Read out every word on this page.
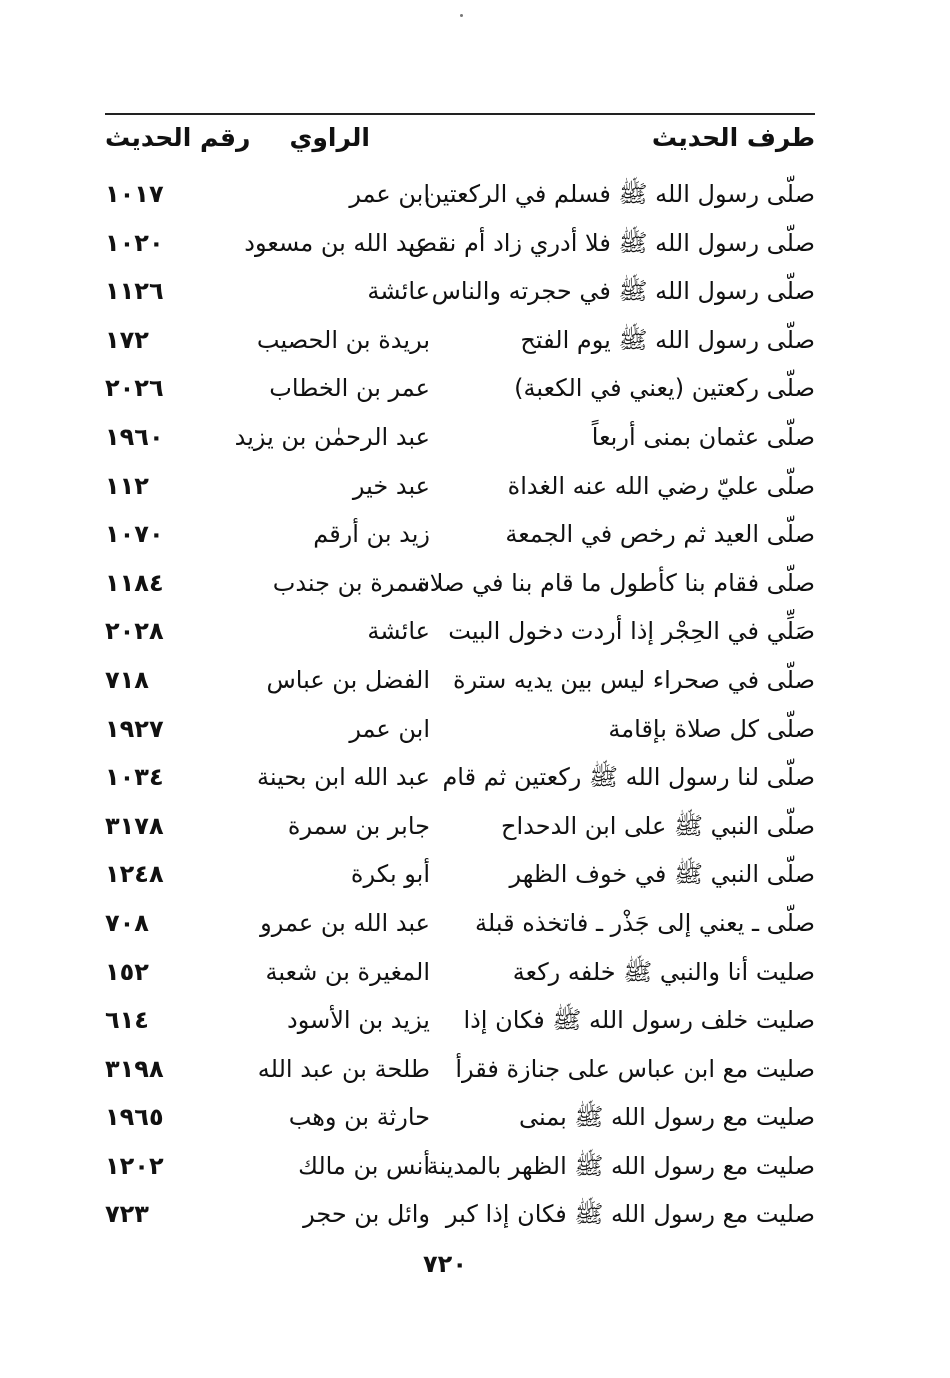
طرف الحديث
الراوي
رقم الحديث
صلّى رسول الله ﷺ فسلم في الركعتين
ابن عمر
١٠١٧
صلّى رسول الله ﷺ فلا أدري زاد أم نقص
عبد الله بن مسعود
١٠٢٠
صلّى رسول الله ﷺ في حجرته والناس
عائشة
١١٢٦
صلّى رسول الله ﷺ يوم الفتح
بريدة بن الحصيب
١٧٢
صلّى ركعتين (يعني في الكعبة)
عمر بن الخطاب
٢٠٢٦
صلّى عثمان بمنى أربعاً
عبد الرحمٰن بن يزيد
١٩٦٠
صلّى عليّ رضي الله عنه الغداة
عبد خير
١١٢
صلّى العيد ثم رخص في الجمعة
زيد بن أرقم
١٠٧٠
صلّى فقام بنا كأطول ما قام بنا في صلاة
سمرة بن جندب
١١٨٤
صَلِّي في الحِجْر إذا أردت دخول البيت
عائشة
٢٠٢٨
صلّى في صحراء ليس بين يديه سترة
الفضل بن عباس
٧١٨
صلّى كل صلاة بإقامة
ابن عمر
١٩٢٧
صلّى لنا رسول الله ﷺ ركعتين ثم قام
عبد الله ابن بحينة
١٠٣٤
صلّى النبي ﷺ على ابن الدحداح
جابر بن سمرة
٣١٧٨
صلّى النبي ﷺ في خوف الظهر
أبو بكرة
١٢٤٨
صلّى ـ يعني إلى جَذْر ـ فاتخذه قبلة
عبد الله بن عمرو
٧٠٨
صليت أنا والنبي ﷺ خلفه ركعة
المغيرة بن شعبة
١٥٢
صليت خلف رسول الله ﷺ فكان إذا
يزيد بن الأسود
٦١٤
صليت مع ابن عباس على جنازة فقرأ
طلحة بن عبد الله
٣١٩٨
صليت مع رسول الله ﷺ بمنى
حارثة بن وهب
١٩٦٥
صليت مع رسول الله ﷺ الظهر بالمدينة
أنس بن مالك
١٢٠٢
صليت مع رسول الله ﷺ فكان إذا كبر
وائل بن حجر
٧٢٣
٧٢٠
